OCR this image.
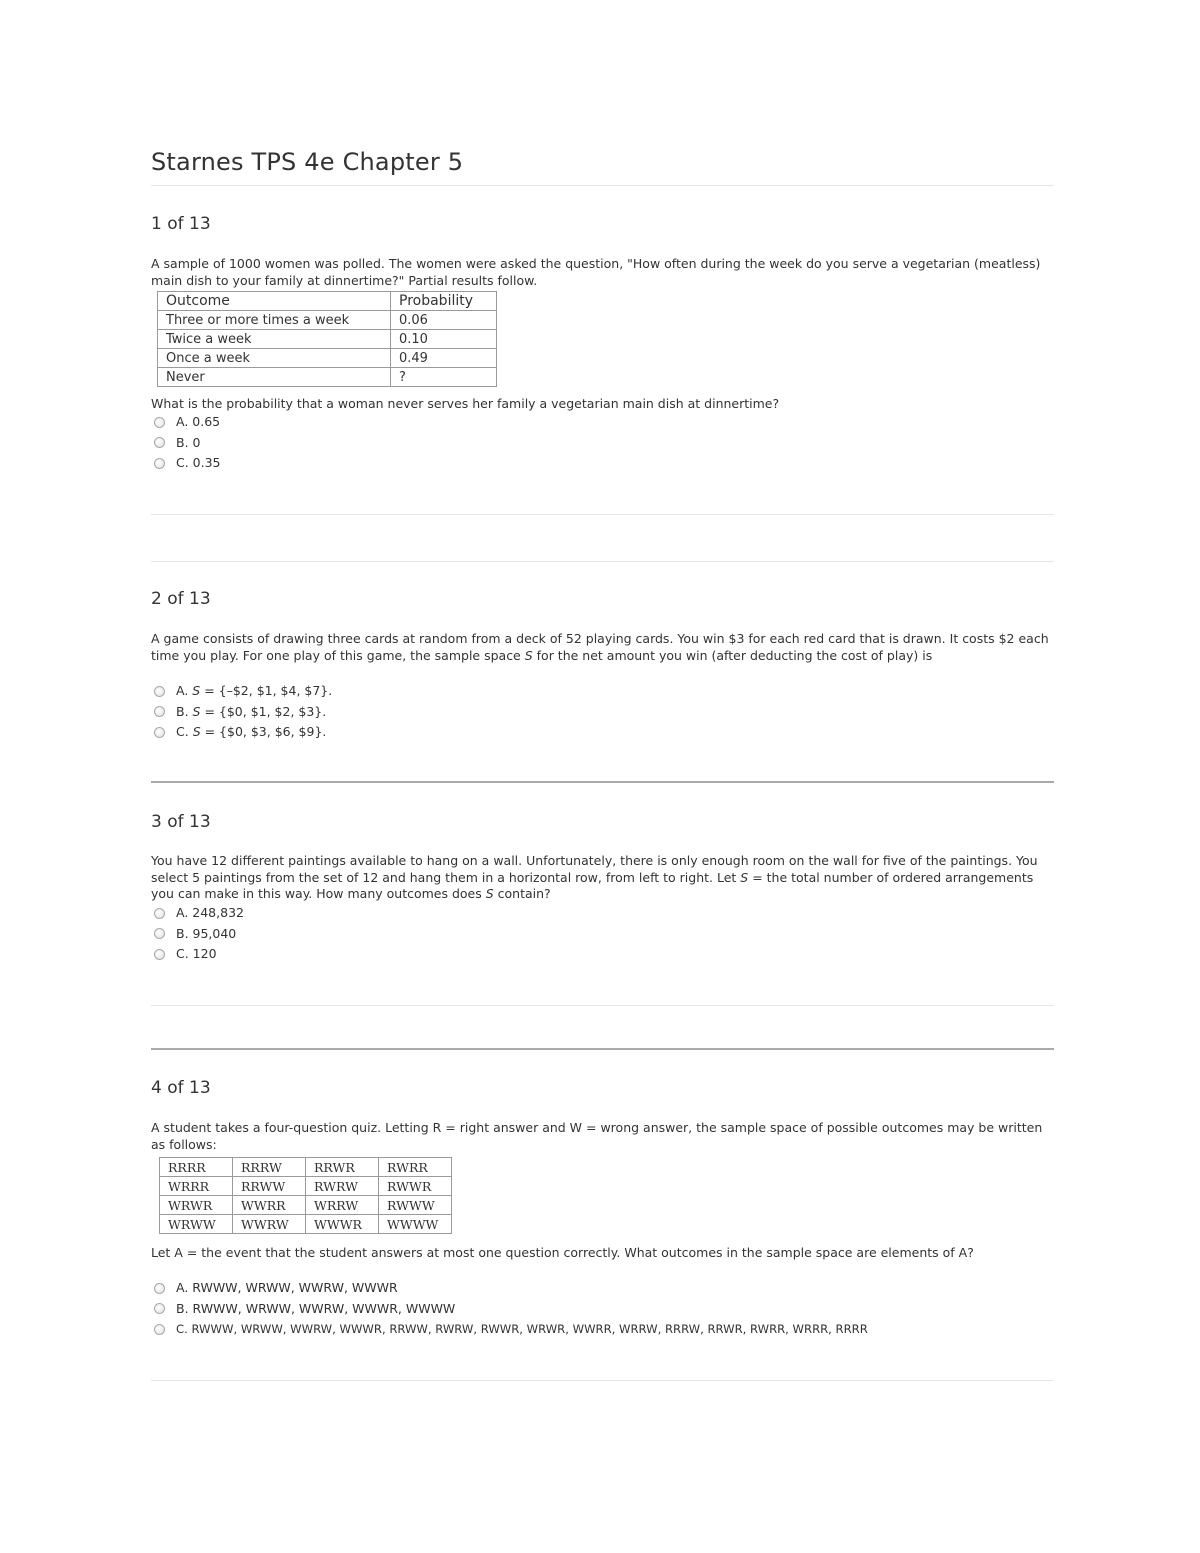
Starnes TPS 4e Chapter 5
1 of 13

A sample of 1000 women was polled. The women were asked the question, "How often during the week do you serve a vegetarian (meatless) main dish to your family at dinnertime?" Partial results follow.

Outcome	Probability
Three or more times a week	0.06
Twice a week	0.10
Once a week	0.49
Never	?

What is the probability that a woman never serves her family a vegetarian main dish at dinnertime?

A. 0.65
B. 0
C. 0.35
2 of 13

A game consists of drawing three cards at random from a deck of 52 playing cards. You win $3 for each red card that is drawn. It costs $2 each time you play. For one play of this game, the sample space S for the net amount you win (after deducting the cost of play) is

A. S = {–$2, $1, $4, $7}.
B. S = {$0, $1, $2, $3}.
C. S = {$0, $3, $6, $9}.
3 of 13

You have 12 different paintings available to hang on a wall. Unfortunately, there is only enough room on the wall for five of the paintings. You select 5 paintings from the set of 12 and hang them in a horizontal row, from left to right. Let S = the total number of ordered arrangements you can make in this way. How many outcomes does S contain?

A. 248,832
B. 95,040
C. 120
4 of 13

A student takes a four-question quiz. Letting R = right answer and W = wrong answer, the sample space of possible outcomes may be written as follows:

RRRR	RRRW	RRWR	RWRR
WRRR	RRWW	RWRW	RWWR
WRWR	WWRR	WRRW	RWWW
WRWW	WWRW	WWWR	WWWW

Let A = the event that the student answers at most one question correctly. What outcomes in the sample space are elements of A?

A. RWWW, WRWW, WWRW, WWWR
B. RWWW, WRWW, WWRW, WWWR, WWWW
C. RWWW, WRWW, WWRW, WWWR, RRWW, RWRW, RWWR, WRWR, WWRR, WRRW, RRRW, RRWR, RWRR, WRRR, RRRR
